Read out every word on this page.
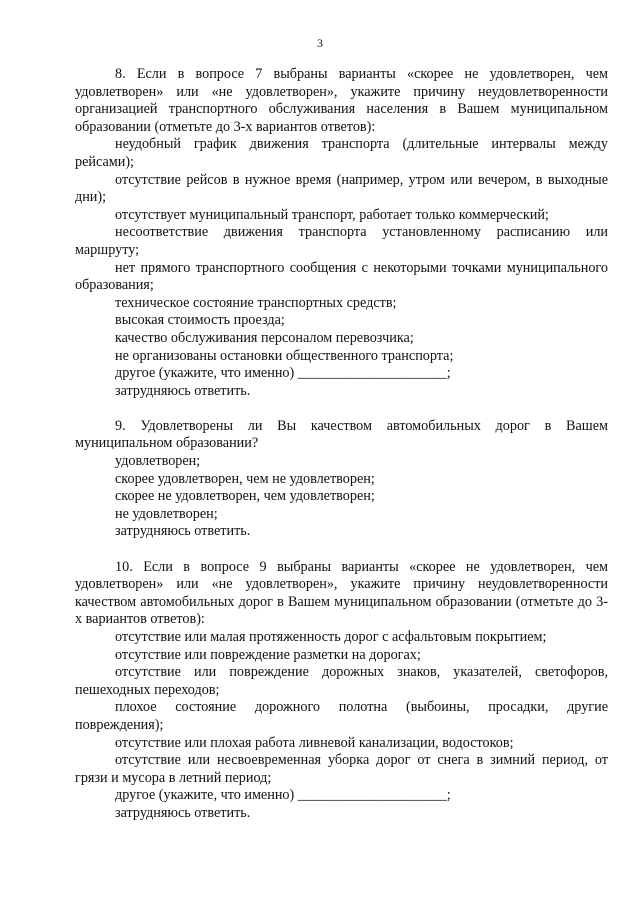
3

8. Если в вопросе 7 выбраны варианты «скорее не удовлетворен, чем удовлетворен» или «не удовлетворен», укажите причину неудовлетворенности организацией транспортного обслуживания населения в Вашем муниципальном образовании (отметьте до 3-х вариантов ответов):

неудобный график движения транспорта (длительные интервалы между рейсами);

отсутствие рейсов в нужное время (например, утром или вечером, в выходные дни);

отсутствует муниципальный транспорт, работает только коммерческий;

несоответствие движения транспорта установленному расписанию или маршруту;

нет прямого транспортного сообщения с некоторыми точками муниципального образования;

техническое состояние транспортных средств;

высокая стоимость проезда;

качество обслуживания персоналом перевозчика;

не организованы остановки общественного транспорта;

другое (укажите, что именно) _____________________;

затрудняюсь ответить.

9. Удовлетворены ли Вы качеством автомобильных дорог в Вашем муниципальном образовании?

удовлетворен;

скорее удовлетворен, чем не удовлетворен;

скорее не удовлетворен, чем удовлетворен;

не удовлетворен;

затрудняюсь ответить.

10. Если в вопросе 9 выбраны варианты «скорее не удовлетворен, чем удовлетворен» или «не удовлетворен», укажите причину неудовлетворенности качеством автомобильных дорог в Вашем муниципальном образовании (отметьте до 3-х вариантов ответов):

отсутствие или малая протяженность дорог с асфальтовым покрытием;

отсутствие или повреждение разметки на дорогах;

отсутствие или повреждение дорожных знаков, указателей, светофоров, пешеходных переходов;

плохое состояние дорожного полотна (выбоины, просадки, другие повреждения);

отсутствие или плохая работа ливневой канализации, водостоков;

отсутствие или несвоевременная уборка дорог от снега в зимний период, от грязи и мусора в летний период;

другое (укажите, что именно) _____________________;

затрудняюсь ответить.
